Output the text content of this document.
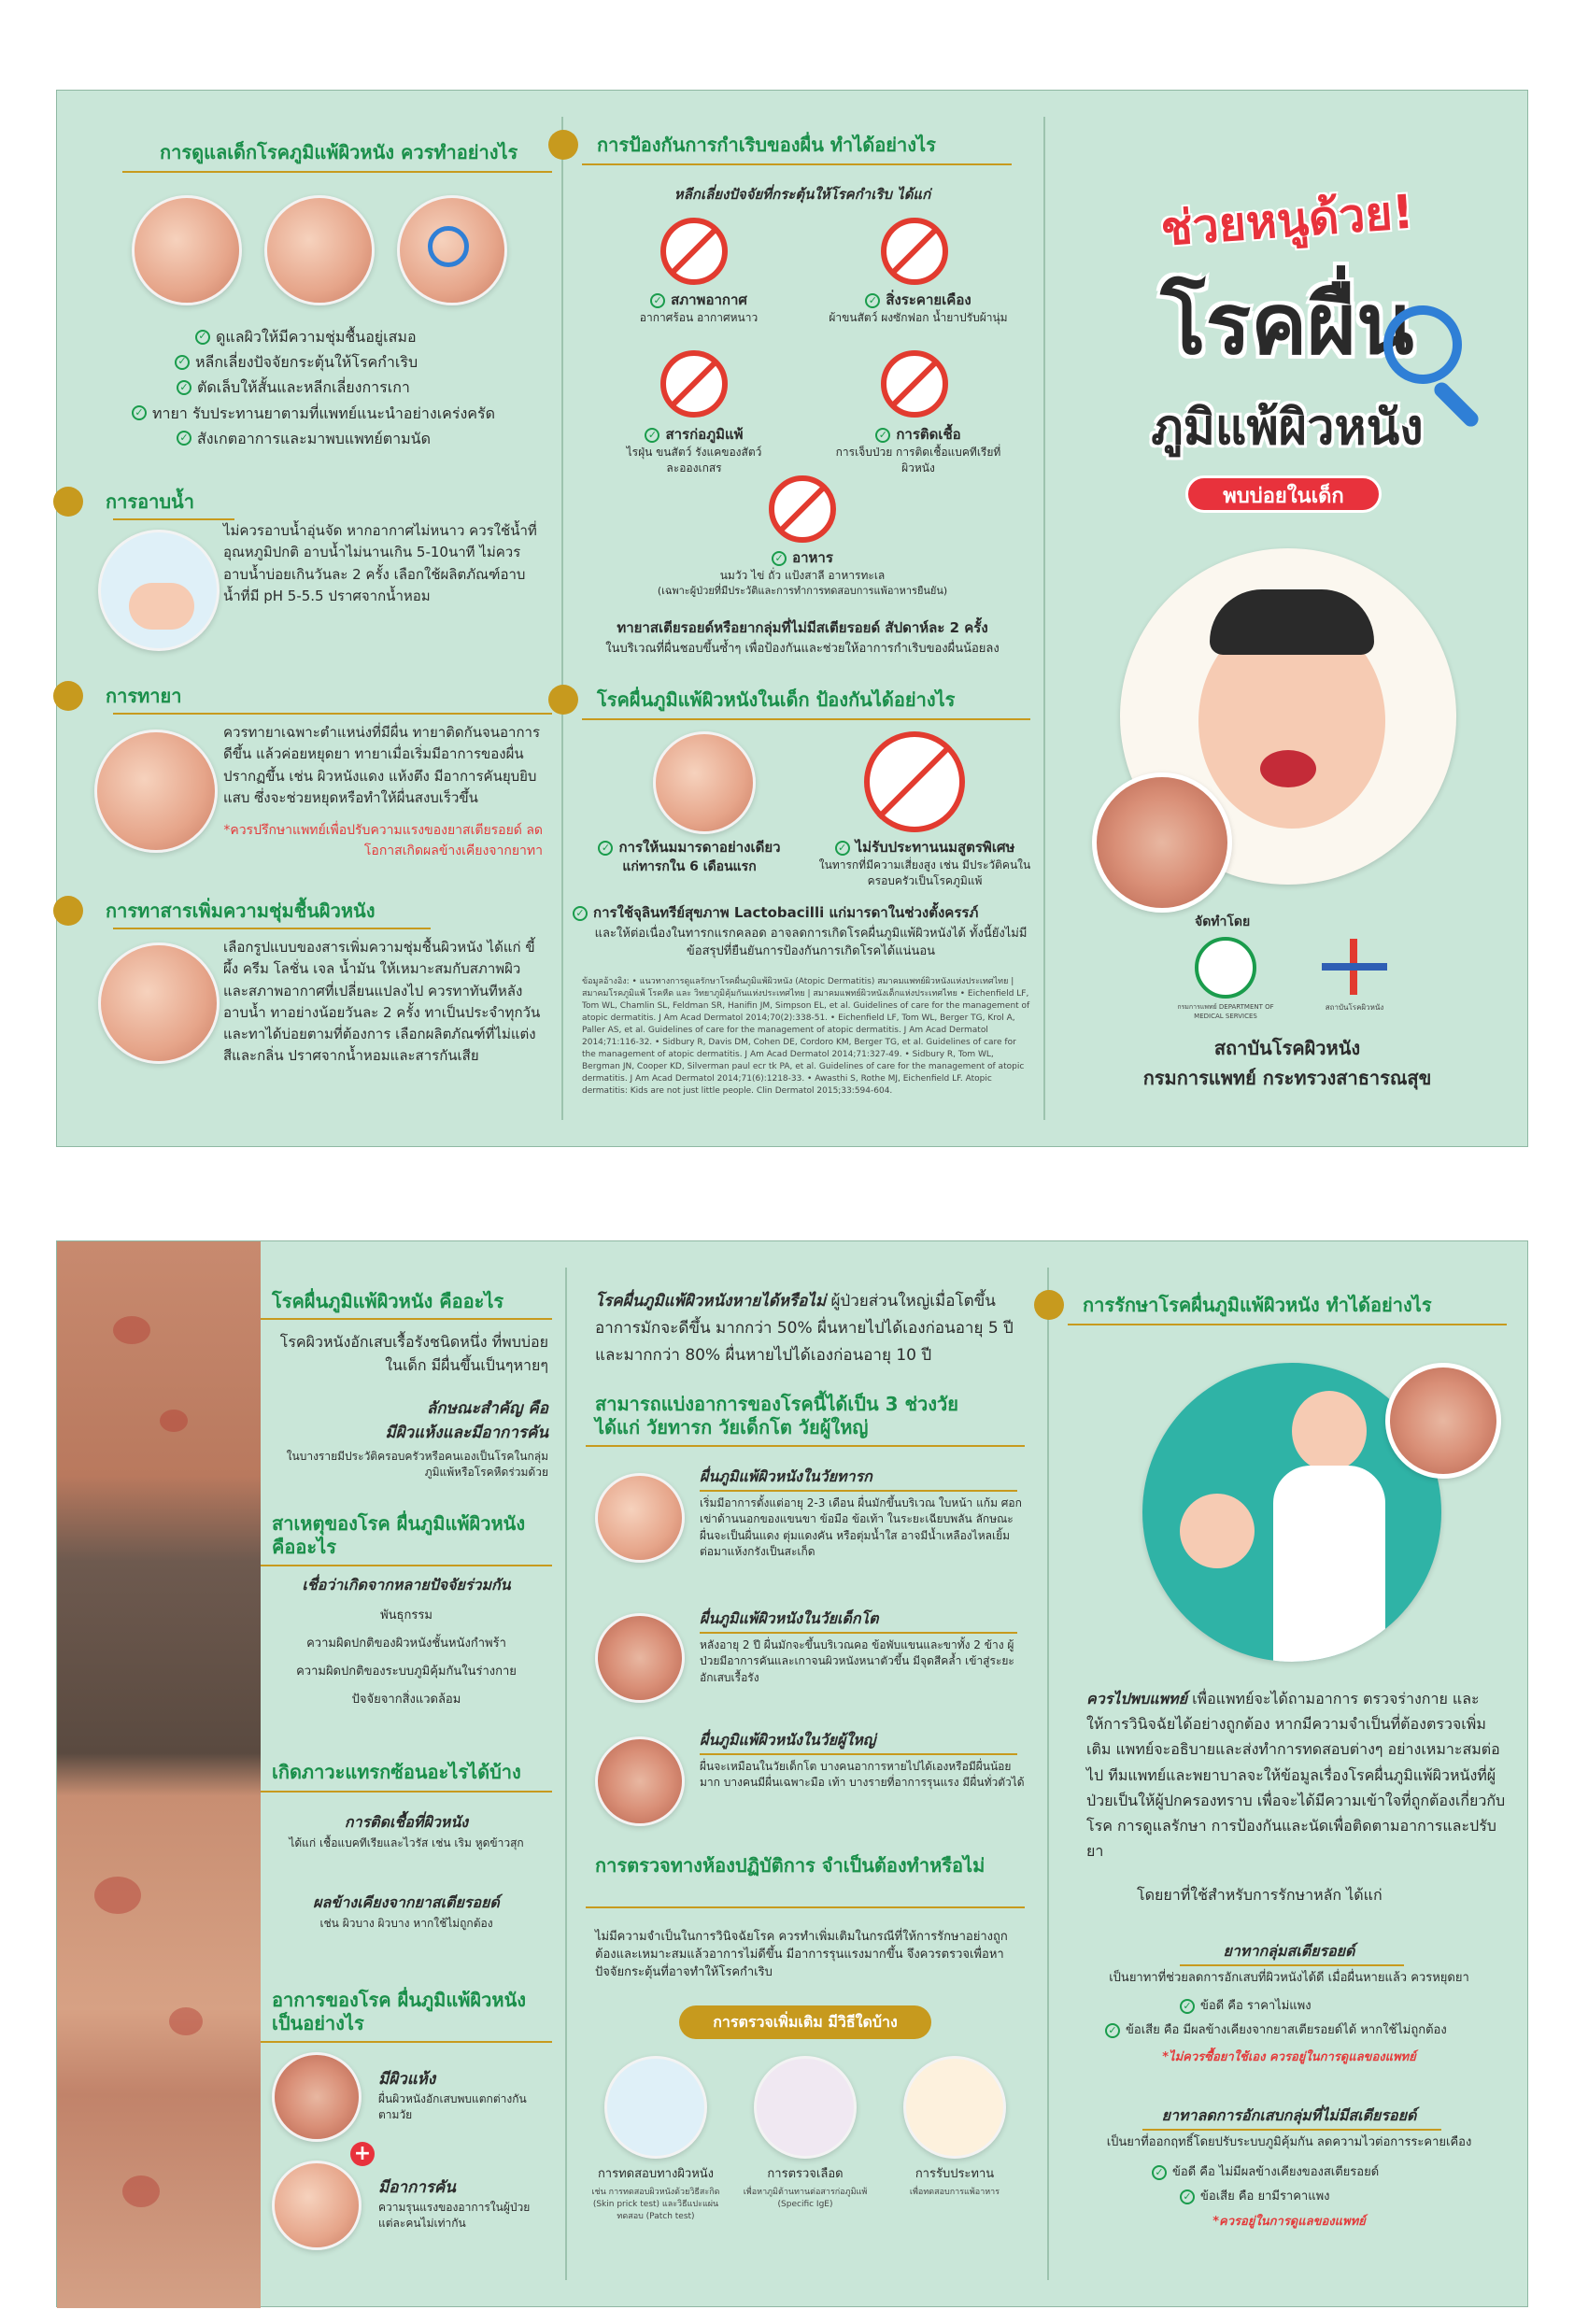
การดูแลเด็กโรคภูมิแพ้ผิวหนัง ควรทำอย่างไร
✓ ดูแลผิวให้มีความชุ่มชื้นอยู่เสมอ
✓ หลีกเลี่ยงปัจจัยกระตุ้นให้โรคกำเริบ
✓ ตัดเล็บให้สั้นและหลีกเลี่ยงการเกา
✓ ทายา รับประทานยาตามที่แพทย์แนะนำอย่างเคร่งครัด
✓ สังเกตอาการและมาพบแพทย์ตามนัด
การอาบน้ำ
ไม่ควรอาบน้ำอุ่นจัด หากอากาศไม่หนาว ควรใช้น้ำที่อุณหภูมิปกติ อาบน้ำไม่นานเกิน 5-10นาที ไม่ควรอาบน้ำบ่อยเกินวันละ 2 ครั้ง เลือกใช้ผลิตภัณฑ์อาบน้ำที่มี pH 5-5.5 ปราศจากน้ำหอม
การทายา
ควรทายาเฉพาะตำแหน่งที่มีผื่น ทายาติดกันจนอาการดีขึ้น แล้วค่อยหยุดยา ทายาเมื่อเริ่มมีอาการของผื่นปรากฏขึ้น เช่น ผิวหนังแดง แห้งตึง มีอาการคันยุบยิบแสบ ซึ่งจะช่วยหยุดหรือทำให้ผื่นสงบเร็วขึ้น
*ควรปรึกษาแพทย์เพื่อปรับความแรงของยาสเตียรอยด์ ลดโอกาสเกิดผลข้างเคียงจากยาทา
การทาสารเพิ่มความชุ่มชื้นผิวหนัง
เลือกรูปแบบของสารเพิ่มความชุ่มชื้นผิวหนัง ได้แก่ ขี้ผึ้ง ครีม โลชั่น เจล น้ำมัน ให้เหมาะสมกับสภาพผิวและสภาพอากาศที่เปลี่ยนแปลงไป ควรทาทันทีหลังอาบน้ำ ทาอย่างน้อยวันละ 2 ครั้ง ทาเป็นประจำทุกวันและทาได้บ่อยตามที่ต้องการ เลือกผลิตภัณฑ์ที่ไม่แต่งสีและกลิ่น ปราศจากน้ำหอมและสารกันเสีย
การป้องกันการกำเริบของผื่น ทำได้อย่างไร
หลีกเลี่ยงปัจจัยที่กระตุ้นให้โรคกำเริบ ได้แก่
✓ สภาพอากาศ
อากาศร้อน อากาศหนาว
✓ สิ่งระคายเคือง
ผ้าขนสัตว์ ผงซักฟอก น้ำยาปรับผ้านุ่ม
✓ สารก่อภูมิแพ้
ไรฝุ่น ขนสัตว์ รังแคของสัตว์ ละอองเกสร
✓ การติดเชื้อ
การเจ็บป่วย การติดเชื้อแบคทีเรียที่ผิวหนัง
✓ อาหาร
นมวัว ไข่ ถั่ว แป้งสาลี อาหารทะเล
(เฉพาะผู้ป่วยที่มีประวัติและการทำการทดสอบการแพ้อาหารยืนยัน)
ทายาสเตียรอยด์หรือยากลุ่มที่ไม่มีสเตียรอยด์ สัปดาห์ละ 2 ครั้ง
ในบริเวณที่ผื่นชอบขึ้นซ้ำๆ เพื่อป้องกันและช่วยให้อาการกำเริบของผื่นน้อยลง
โรคผื่นภูมิแพ้ผิวหนังในเด็ก ป้องกันได้อย่างไร
✓ การให้นมมารดาอย่างเดียว
แก่ทารกใน 6 เดือนแรก
✓ ไม่รับประทานนมสูตรพิเศษ
ในทารกที่มีความเสี่ยงสูง เช่น มีประวัติคนในครอบครัวเป็นโรคภูมิแพ้
✓ การใช้จุลินทรีย์สุขภาพ Lactobacilli แก่มารดาในช่วงตั้งครรภ์
และให้ต่อเนื่องในทารกแรกคลอด อาจลดการเกิดโรคผื่นภูมิแพ้ผิวหนังได้ ทั้งนี้ยังไม่มีข้อสรุปที่ยืนยันการป้องกันการเกิดโรคได้แน่นอน
ข้อมูลอ้างอิง: • แนวทางการดูแลรักษาโรคผื่นภูมิแพ้ผิวหนัง (Atopic Dermatitis) สมาคมแพทย์ผิวหนังแห่งประเทศไทย | สมาคมโรคภูมิแพ้ โรคหืด และ วิทยาภูมิคุ้มกันแห่งประเทศไทย | สมาคมแพทย์ผิวหนังเด็กแห่งประเทศไทย • Eichenfield LF, Tom WL, Chamlin SL, Feldman SR, Hanifin JM, Simpson EL, et al. Guidelines of care for the management of atopic dermatitis. J Am Acad Dermatol 2014;70(2):338-51. • Eichenfield LF, Tom WL, Berger TG, Krol A, Paller AS, et al. Guidelines of care for the management of atopic dermatitis. J Am Acad Dermatol 2014;71:116-32. • Sidbury R, Davis DM, Cohen DE, Cordoro KM, Berger TG, et al. Guidelines of care for the management of atopic dermatitis. J Am Acad Dermatol 2014;71:327-49. • Sidbury R, Tom WL, Bergman JN, Cooper KD, Silverman paul ecr tk PA, et al. Guidelines of care for the management of atopic dermatitis. J Am Acad Dermatol 2014;71(6):1218-33. • Awasthi S, Rothe MJ, Eichenfield LF. Atopic dermatitis: Kids are not just little people. Clin Dermatol 2015;33:594-604.
ช่วยหนูด้วย!
โรคผื่น
ภูมิแพ้ผิวหนัง
พบบ่อยในเด็ก
จัดทำโดย
กรมการแพทย์ DEPARTMENT OF MEDICAL SERVICES
สถาบันโรคผิวหนัง
สถาบันโรคผิวหนัง
กรมการแพทย์ กระทรวงสาธารณสุข
โรคผื่นภูมิแพ้ผิวหนัง คืออะไร
โรคผิวหนังอักเสบเรื้อรังชนิดหนึ่ง ที่พบบ่อยในเด็ก มีผื่นขึ้นเป็นๆหายๆ
ลักษณะสำคัญ คือ
มีผิวแห้งและมีอาการคัน
ในบางรายมีประวัติครอบครัวหรือคนเองเป็นโรคในกลุ่มภูมิแพ้หรือโรคหืดร่วมด้วย
สาเหตุของโรค ผื่นภูมิแพ้ผิวหนัง คืออะไร
เชื่อว่าเกิดจากหลายปัจจัยร่วมกัน
พันธุกรรม
ความผิดปกติของผิวหนังชั้นหนังกำพร้า
ความผิดปกติของระบบภูมิคุ้มกันในร่างกาย
ปัจจัยจากสิ่งแวดล้อม
เกิดภาวะแทรกซ้อนอะไรได้บ้าง
การติดเชื้อที่ผิวหนัง
ได้แก่ เชื้อแบคทีเรียและไวรัส เช่น เริม หูดข้าวสุก
ผลข้างเคียงจากยาสเตียรอยด์
เช่น ผิวบาง ผิวบาง หากใช้ไม่ถูกต้อง
อาการของโรค ผื่นภูมิแพ้ผิวหนังเป็นอย่างไร
มีผิวแห้ง
ผื่นผิวหนังอักเสบพบแตกต่างกันตามวัย
+
มีอาการคัน
ความรุนแรงของอาการในผู้ป่วยแต่ละคนไม่เท่ากัน
โรคผื่นภูมิแพ้ผิวหนังหายได้หรือไม่ ผู้ป่วยส่วนใหญ่เมื่อโตขึ้นอาการมักจะดีขึ้น มากกว่า 50% ผื่นหายไปได้เองก่อนอายุ 5 ปี และมากกว่า 80% ผื่นหายไปได้เองก่อนอายุ 10 ปี
สามารถแบ่งอาการของโรคนี้ได้เป็น 3 ช่วงวัย ได้แก่ วัยทารก วัยเด็กโต วัยผู้ใหญ่
ผื่นภูมิแพ้ผิวหนังในวัยทารก
เริ่มมีอาการตั้งแต่อายุ 2-3 เดือน ผื่นมักขึ้นบริเวณ ใบหน้า แก้ม ศอก เข่าด้านนอกของแขนขา ข้อมือ ข้อเท้า ในระยะเฉียบพลัน ลักษณะผื่นจะเป็นผื่นแดง ตุ่มแดงคัน หรือตุ่มน้ำใส อาจมีน้ำเหลืองไหลเยิ้ม ต่อมาแห้งกรังเป็นสะเก็ด
ผื่นภูมิแพ้ผิวหนังในวัยเด็กโต
หลังอายุ 2 ปี ผื่นมักจะขึ้นบริเวณคอ ข้อพับแขนและขาทั้ง 2 ข้าง ผู้ป่วยมีอาการคันและเกาจนผิวหนังหนาตัวขึ้น มีจุดสีคล้ำ เข้าสู่ระยะอักเสบเรื้อรัง
ผื่นภูมิแพ้ผิวหนังในวัยผู้ใหญ่
ผื่นจะเหมือนในวัยเด็กโต บางคนอาการหายไปได้เองหรือมีผื่นน้อยมาก บางคนมีผื่นเฉพาะมือ เท้า บางรายที่อาการรุนแรง มีผื่นทั่วตัวได้
การตรวจทางห้องปฏิบัติการ จำเป็นต้องทำหรือไม่
ไม่มีความจำเป็นในการวินิจฉัยโรค ควรทำเพิ่มเติมในกรณีที่ให้การรักษาอย่างถูกต้องและเหมาะสมแล้วอาการไม่ดีขึ้น มีอาการรุนแรงมากขึ้น จึงควรตรวจเพื่อหาปัจจัยกระตุ้นที่อาจทำให้โรคกำเริบ
การตรวจเพิ่มเติม มีวิธีใดบ้าง
การทดสอบทางผิวหนัง
เช่น การทดสอบผิวหนังด้วยวิธีสะกิด (Skin prick test) และวิธีแปะแผ่นทดสอบ (Patch test)
การตรวจเลือด
เพื่อหาภูมิต้านทานต่อสารก่อภูมิแพ้ (Specific IgE)
การรับประทาน
เพื่อทดสอบการแพ้อาหาร
การรักษาโรคผื่นภูมิแพ้ผิวหนัง ทำได้อย่างไร
ควรไปพบแพทย์ เพื่อแพทย์จะได้ถามอาการ ตรวจร่างกาย และให้การวินิจฉัยได้อย่างถูกต้อง หากมีความจำเป็นที่ต้องตรวจเพิ่มเติม แพทย์จะอธิบายและส่งทำการทดสอบต่างๆ อย่างเหมาะสมต่อไป ทีมแพทย์และพยาบาลจะให้ข้อมูลเรื่องโรคผื่นภูมิแพ้ผิวหนังที่ผู้ป่วยเป็นให้ผู้ปกครองทราบ เพื่อจะได้มีความเข้าใจที่ถูกต้องเกี่ยวกับโรค การดูแลรักษา การป้องกันและนัดเพื่อติดตามอาการและปรับยา
โดยยาที่ใช้สำหรับการรักษาหลัก ได้แก่
ยาทากลุ่มสเตียรอยด์
เป็นยาทาที่ช่วยลดการอักเสบที่ผิวหนังได้ดี เมื่อผื่นหายแล้ว ควรหยุดยา
✓ ข้อดี คือ ราคาไม่แพง
✓ ข้อเสีย คือ มีผลข้างเคียงจากยาสเตียรอยด์ได้ หากใช้ไม่ถูกต้อง
*ไม่ควรซื้อยาใช้เอง ควรอยู่ในการดูแลของแพทย์
ยาทาลดการอักเสบกลุ่มที่ไม่มีสเตียรอยด์
เป็นยาที่ออกฤทธิ์โดยปรับระบบภูมิคุ้มกัน ลดความไวต่อการระคายเคือง
✓ ข้อดี คือ ไม่มีผลข้างเคียงของสเตียรอยด์
✓ ข้อเสีย คือ ยามีราคาแพง
*ควรอยู่ในการดูแลของแพทย์
